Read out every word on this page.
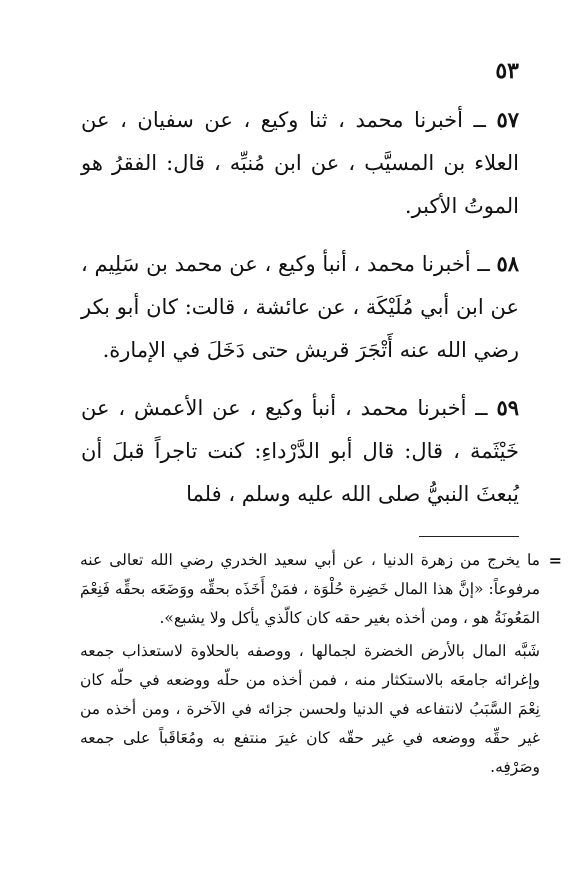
٥٣

٥٧ ــ أخبرنا محمد ، ثنا وكيع ، عن سفيان ، عن العلاء بن المسيَّب ، عن ابن مُنبِّه ، قال: الفقرُ هو الموتُ الأكبر.

٥٨ ــ أخبرنا محمد ، أنبأ وكيع ، عن محمد بن سَلِيم ، عن ابن أبي مُلَيْكَة ، عن عائشة ، قالت: كان أبو بكر رضي الله عنه أَتْجَرَ قريش حتى دَخَلَ في الإمارة.

٥٩ ــ أخبرنا محمد ، أنبأ وكيع ، عن الأعمش ، عن خَيْثَمة ، قال: قال أبو الدَّرْداءِ: كنت تاجراً قبلَ أن يُبعثَ النبيُّ صلى الله عليه وسلم ، فلما

=
ما يخرج من زهرة الدنيا ، عن أبي سعيد الخدري رضي الله تعالى عنه مرفوعاً: «إنَّ هذا المال خَضِرة حُلْوَة ، فمَنْ أَخَذَه بحقِّه ووَضَعَه بحقِّه فَنِعْمَ المَعُونَةُ هو ، ومن أخذه بغير حقه كان كالّذي يأكل ولا يشبع».

شَبَّه المال بالأرض الخضرة لجمالها ، ووصفه بالحلاوة لاستعذاب جمعه وإغرائه جامعَه بالاستكثار منه ، فمن أخذه من حلّه ووضعه في حلّه كان نِعْمَ السَّبَبُ لانتفاعه في الدنيا ولحسن جزائه في الآخرة ، ومن أخذه من غير حقِّه ووضعه في غير حقّه كان غيرَ منتفع به ومُعَاقَباً على جمعه وصَرْفِه.
